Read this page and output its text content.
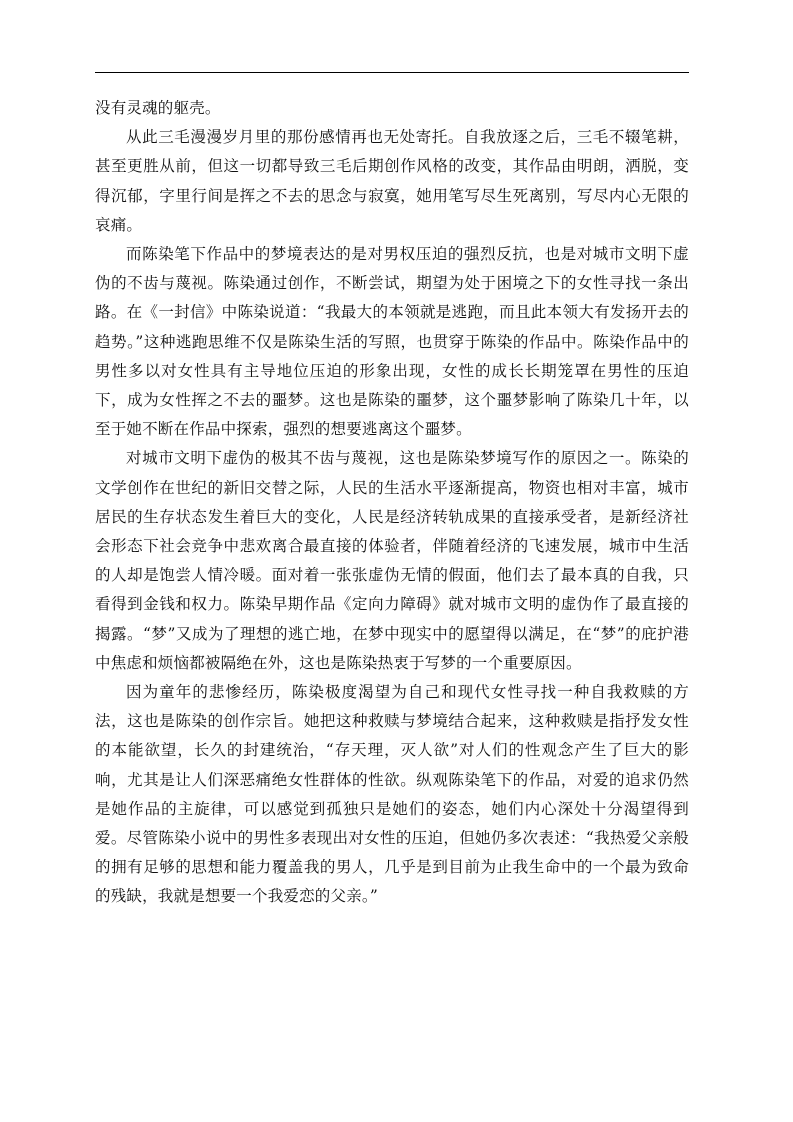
没有灵魂的躯壳。

从此三毛漫漫岁月里的那份感情再也无处寄托。自我放逐之后，三毛不辍笔耕，甚至更胜从前，但这一切都导致三毛后期创作风格的改变，其作品由明朗，洒脱，变得沉郁，字里行间是挥之不去的思念与寂寞，她用笔写尽生死离别，写尽内心无限的哀痛。

而陈染笔下作品中的梦境表达的是对男权压迫的强烈反抗，也是对城市文明下虚伪的不齿与蔑视。陈染通过创作，不断尝试，期望为处于困境之下的女性寻找一条出路。在《一封信》中陈染说道：“我最大的本领就是逃跑，而且此本领大有发扬开去的趋势。”这种逃跑思维不仅是陈染生活的写照，也贯穿于陈染的作品中。陈染作品中的男性多以对女性具有主导地位压迫的形象出现，女性的成长长期笼罩在男性的压迫下，成为女性挥之不去的噩梦。这也是陈染的噩梦，这个噩梦影响了陈染几十年，以至于她不断在作品中探索，强烈的想要逃离这个噩梦。

对城市文明下虚伪的极其不齿与蔑视，这也是陈染梦境写作的原因之一。陈染的文学创作在世纪的新旧交替之际，人民的生活水平逐渐提高，物资也相对丰富，城市居民的生存状态发生着巨大的变化，人民是经济转轨成果的直接承受者，是新经济社会形态下社会竞争中悲欢离合最直接的体验者，伴随着经济的飞速发展，城市中生活的人却是饱尝人情冷暖。面对着一张张虚伪无情的假面，他们去了最本真的自我，只看得到金钱和权力。陈染早期作品《定向力障碍》就对城市文明的虚伪作了最直接的揭露。“梦”又成为了理想的逃亡地，在梦中现实中的愿望得以满足，在“梦”的庇护港中焦虑和烦恼都被隔绝在外，这也是陈染热衷于写梦的一个重要原因。

因为童年的悲惨经历，陈染极度渴望为自己和现代女性寻找一种自我救赎的方法，这也是陈染的创作宗旨。她把这种救赎与梦境结合起来，这种救赎是指抒发女性的本能欲望，长久的封建统治，“存天理，灭人欲”对人们的性观念产生了巨大的影响，尤其是让人们深恶痛绝女性群体的性欲。纵观陈染笔下的作品，对爱的追求仍然是她作品的主旋律，可以感觉到孤独只是她们的姿态，她们内心深处十分渴望得到爱。尽管陈染小说中的男性多表现出对女性的压迫，但她仍多次表述：“我热爱父亲般的拥有足够的思想和能力覆盖我的男人，几乎是到目前为止我生命中的一个最为致命的残缺，我就是想要一个我爱恋的父亲。”
